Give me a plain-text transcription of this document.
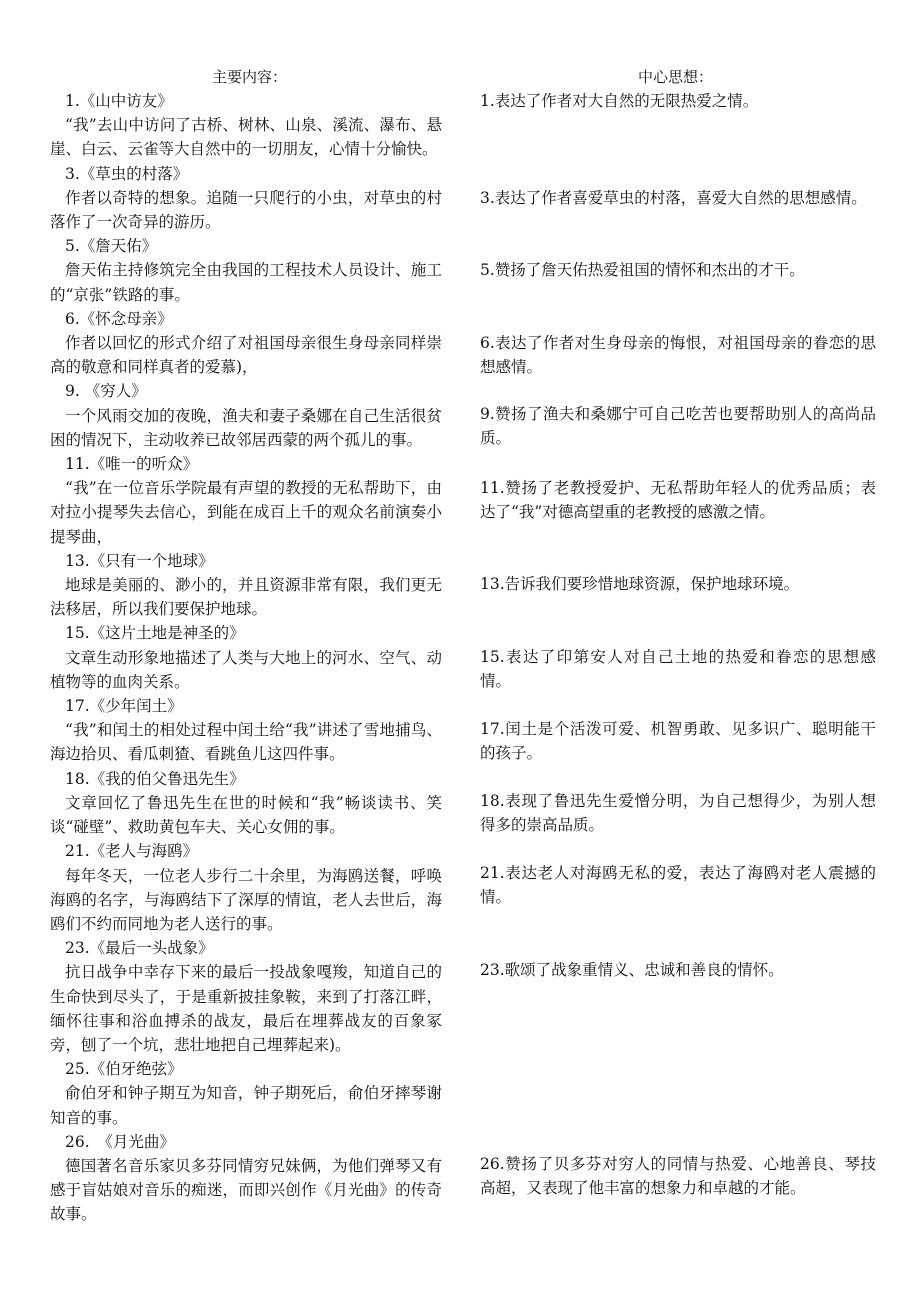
主要内容：	中心思想：
1.《山中访友》
“我”去山中访问了古桥、树林、山泉、溪流、瀑布、悬崖、白云、云雀等大自然中的一切朋友，心情十分愉快。
3.《草虫的村落》
作者以奇特的想象。追随一只爬行的小虫，对草虫的村落作了一次奇异的游历。
5.《詹天佑》
詹天佑主持修筑完全由我国的工程技术人员设计、施工的“京张”铁路的事。
6.《怀念母亲》
作者以回忆的形式介绍了对祖国母亲很生身母亲同样崇高的敬意和同样真者的爱慕)，
9. 《穷人》
一个风雨交加的夜晚，渔夫和妻子桑娜在自己生活很贫困的情况下，主动收养已故邻居西蒙的两个孤儿的事。
11.《唯一的听众》
“我”在一位音乐学院最有声望的教授的无私帮助下，由对拉小提琴失去信心，到能在成百上千的观众名前演奏小提琴曲，
13.《只有一个地球》
地球是美丽的、渺小的，并且资源非常有限，我们更无法移居，所以我们要保护地球。
15.《这片土地是神圣的》
文章生动形象地描述了人类与大地上的河水、空气、动植物等的血肉关系。
17.《少年闰土》
“我”和闰土的相处过程中闰土给“我”讲述了雪地捕鸟、海边拾贝、看瓜刺猹、看跳鱼儿这四件事。
18.《我的伯父鲁迅先生》
文章回忆了鲁迅先生在世的时候和“我”畅谈读书、笑谈“碰壁”、救助黄包车夫、关心女佣的事。
21.《老人与海鸥》
每年冬天，一位老人步行二十余里，为海鸥送餐，呼唤海鸥的名字，与海鸥结下了深厚的情谊，老人去世后，海鸥们不约而同地为老人送行的事。
23.《最后一头战象》
抗日战争中幸存下来的最后一投战象嘎羧，知道自己的生命快到尽头了，于是重新披挂象鞍，来到了打落江畔，缅怀往事和浴血搏杀的战友，最后在埋葬战友的百象冢旁，刨了一个坑，悲壮地把自己埋葬起来)。
25.《伯牙绝弦》
俞伯牙和钟子期互为知音，钟子期死后，俞伯牙摔琴谢知音的事。
26.　《月光曲》
德国著名音乐家贝多芬同情穷兄妹俩，为他们弹琴又有感于盲姑娘对音乐的痴迷，而即兴创作《月光曲》的传奇故事。
1.表达了作者对大自然的无限热爱之情。
3.表达了作者喜爱草虫的村落，喜爱大自然的思想感情。
5.赞扬了詹天佑热爱祖国的情怀和杰出的才干。
6.表达了作者对生身母亲的悔恨，对祖国母亲的眷恋的思想感情。
9.赞扬了渔夫和桑娜宁可自己吃苦也要帮助别人的高尚品质。
11.赞扬了老教授爱护、无私帮助年轻人的优秀品质；表达了“我”对德高望重的老教授的感激之情。
13.告诉我们要珍惜地球资源，保护地球环境。
15.表达了印第安人对自己土地的热爱和眷恋的思想感情。
17.闰土是个活泼可爱、机智勇敢、见多识广、聪明能干的孩子。
18.表现了鲁迅先生爱憎分明，为自己想得少，为别人想得多的崇高品质。
21.表达老人对海鸥无私的爱，表达了海鸥对老人震撼的情。
23.歌颂了战象重情义、忠诚和善良的情怀。
26.赞扬了贝多芬对穷人的同情与热爱、心地善良、琴技高超，又表现了他丰富的想象力和卓越的才能。
